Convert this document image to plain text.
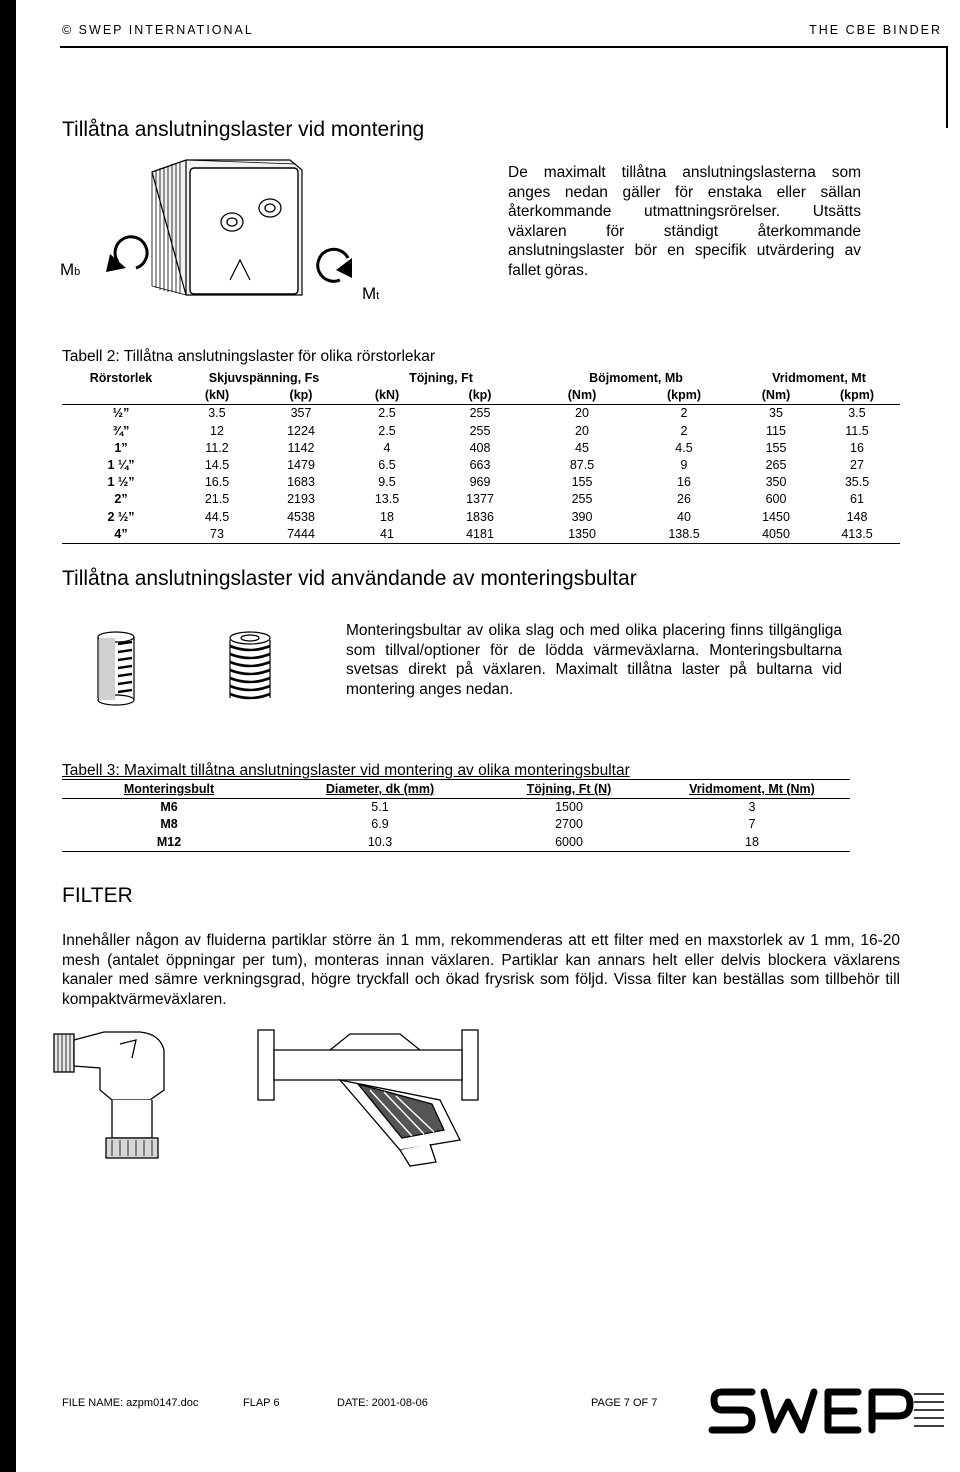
© SWEP INTERNATIONAL	THE CBE BINDER
Tillåtna anslutningslaster vid montering
Mb
Mt

De maximalt tillåtna anslutningslasterna som anges nedan gäller för enstaka eller sällan återkommande utmattningsrörelser. Utsätts växlaren för ständigt återkommande anslutningslaster bör en specifik utvärdering av fallet göras.

Tabell 2: Tillåtna anslutningslaster för olika rörstorlekar
Rörstorlek	Skjuvspänning, Fs		Töjning, Ft		Böjmoment, Mb		Vridmoment, Mt	
	(kN)	(kp)	(kN)	(kp)	(Nm)	(kpm)	(Nm)	(kpm)
½”	3.5	357	2.5	255	20	2	35	3.5
¾”	12	1224	2.5	255	20	2	115	11.5
1”	11.2	1142	4	408	45	4.5	155	16
1 ¼”	14.5	1479	6.5	663	87.5	9	265	27
1 ½”	16.5	1683	9.5	969	155	16	350	35.5
2”	21.5	2193	13.5	1377	255	26	600	61
2 ½”	44.5	4538	18	1836	390	40	1450	148
4”	73	7444	41	4181	1350	138.5	4050	413.5
Tillåtna anslutningslaster vid användande av monteringsbultar

Monteringsbultar av olika slag och med olika placering finns tillgängliga som tillval/optioner för de lödda värmeväxlarna. Monteringsbultarna svetsas direkt på växlaren. Maximalt tillåtna laster på bultarna vid montering anges nedan.

Tabell 3: Maximalt tillåtna anslutningslaster vid montering av olika monteringsbultar
Monteringsbult	Diameter, dk (mm)	Töjning, Ft (N)	Vridmoment, Mt (Nm)
M6	5.1	1500	3
M8	6.9	2700	7
M12	10.3	6000	18
FILTER

Innehåller någon av fluiderna partiklar större än 1 mm, rekommenderas att ett filter med en maxstorlek av 1 mm, 16-20 mesh (antalet öppningar per tum), monteras innan växlaren. Partiklar kan annars helt eller delvis blockera växlarens kanaler med sämre verkningsgrad, högre tryckfall och ökad frysrisk som följd. Vissa filter kan beställas som tillbehör till kompaktvärmeväxlaren.

FILE NAME: azpm0147.doc	FLAP 6	DATE: 2001-08-06	PAGE 7 OF 7
